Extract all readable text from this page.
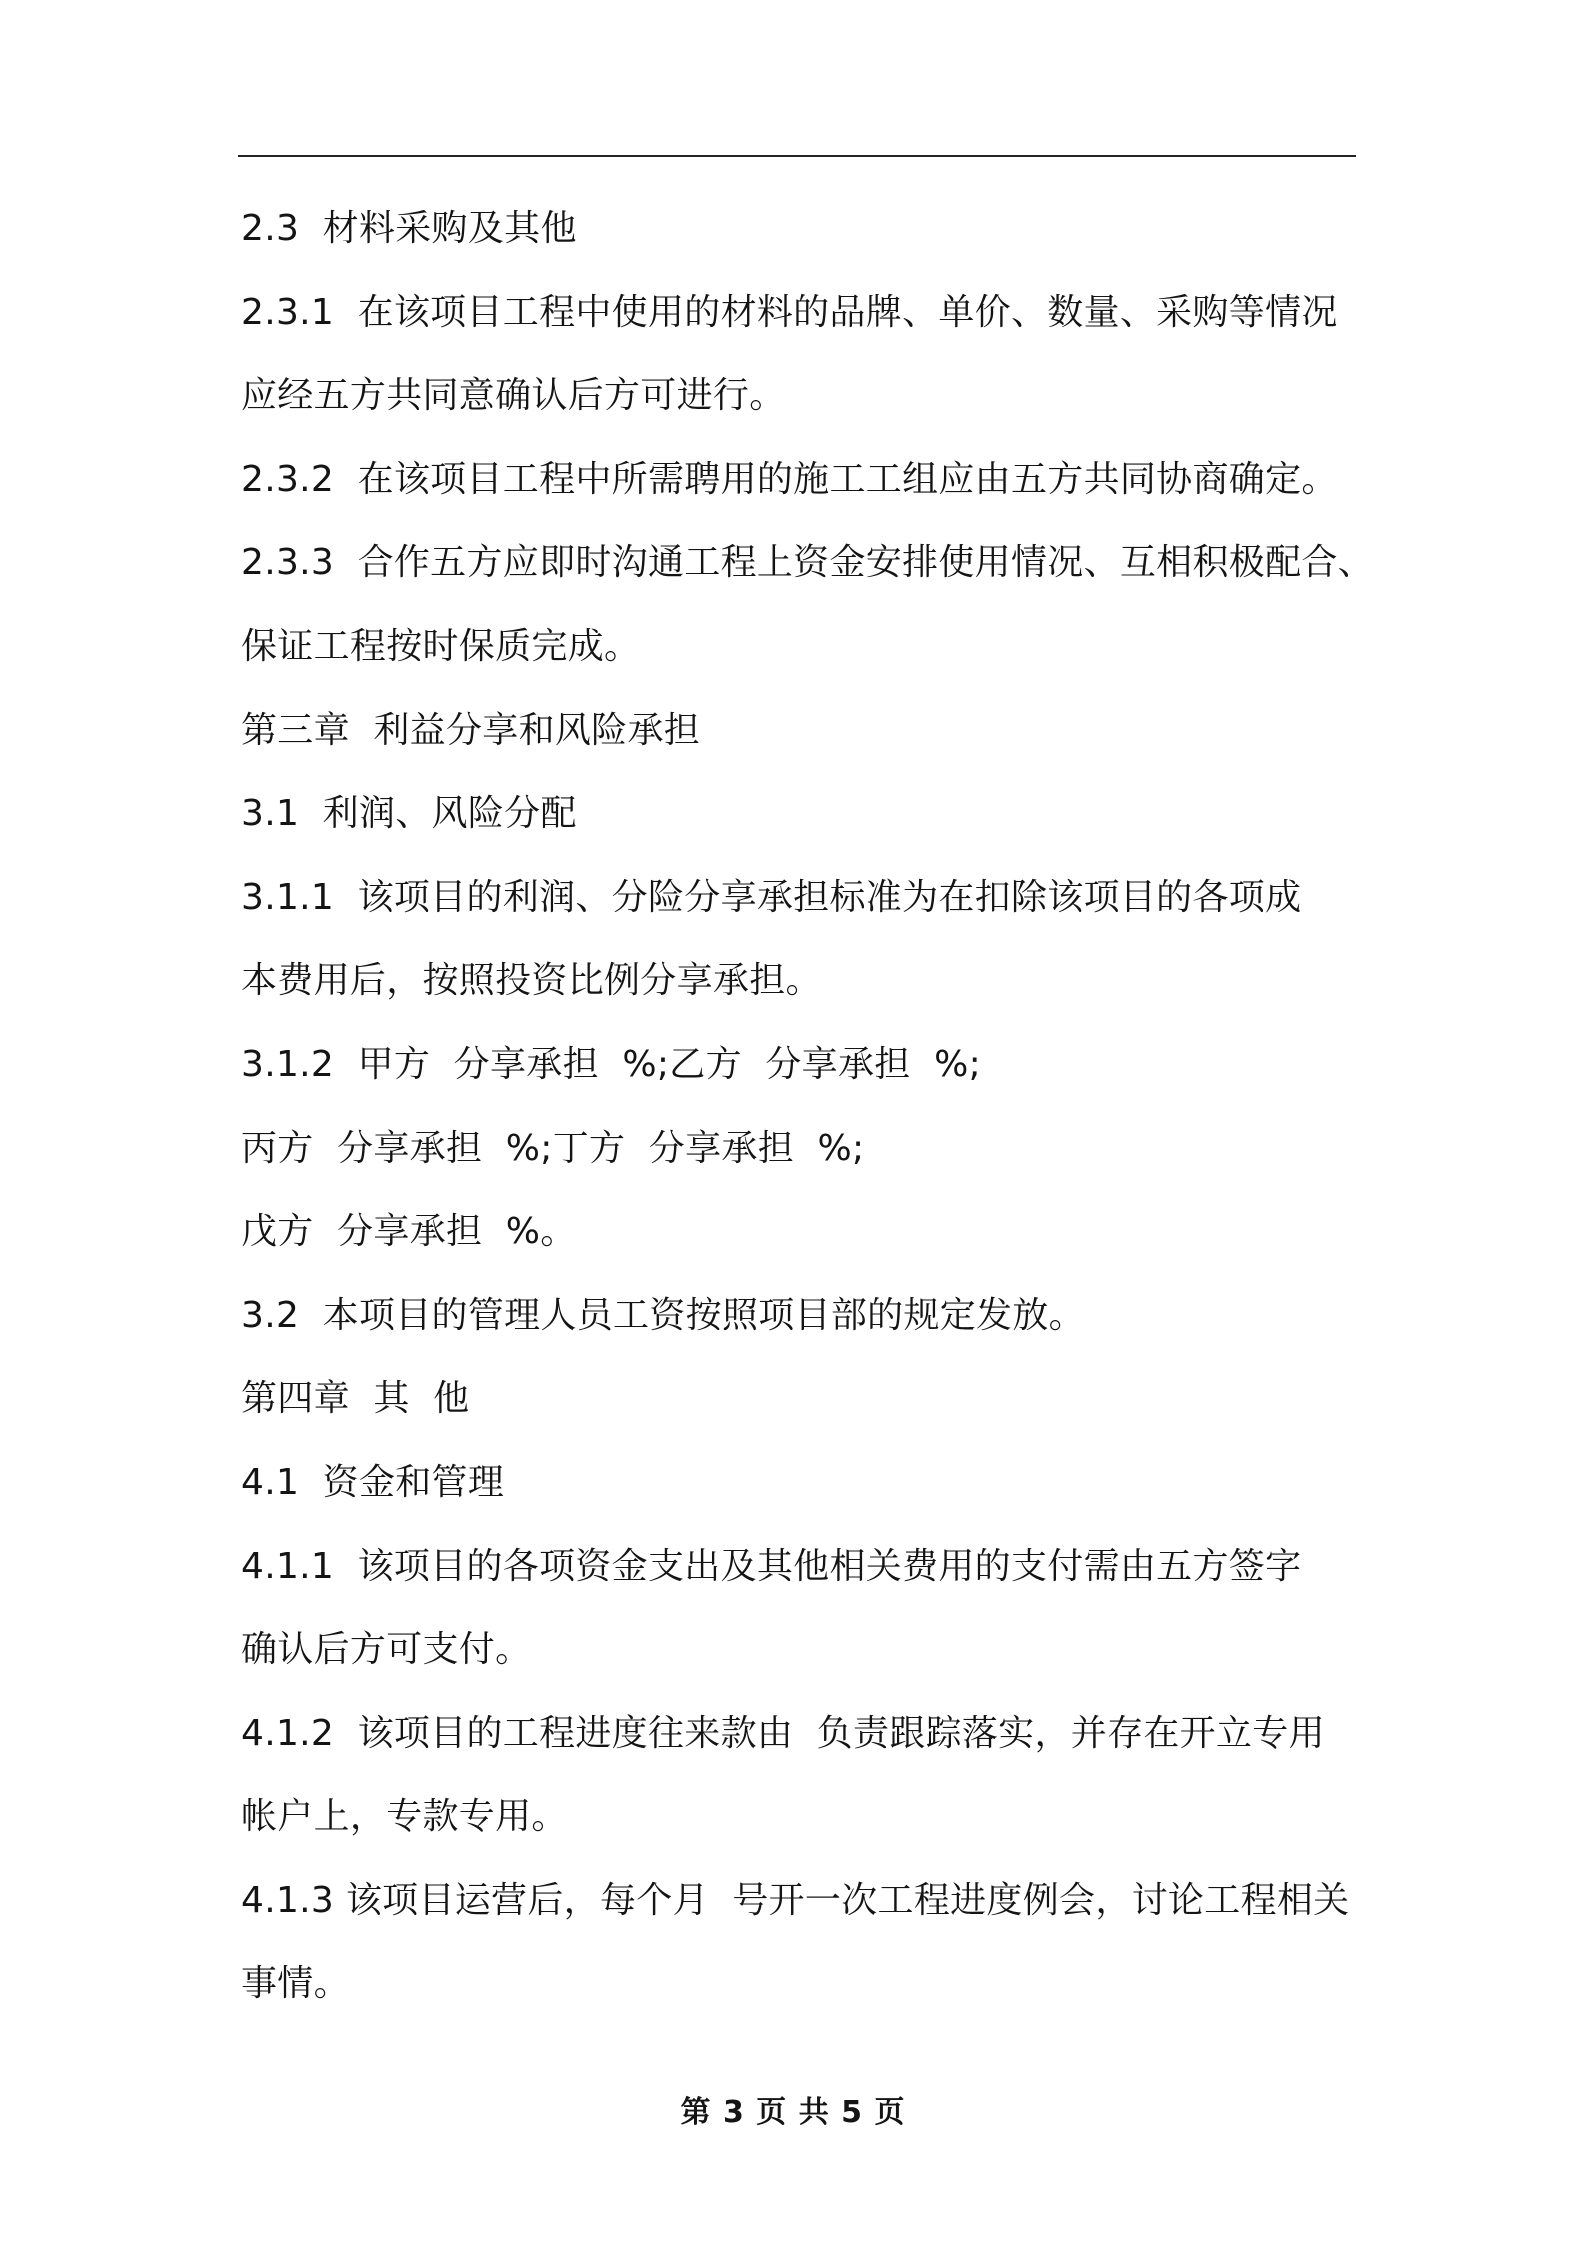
2.3  材料采购及其他
2.3.1  在该项目工程中使用的材料的品牌、单价、数量、采购等情况
应经五方共同意确认后方可进行。
2.3.2  在该项目工程中所需聘用的施工工组应由五方共同协商确定。
2.3.3  合作五方应即时沟通工程上资金安排使用情况、互相积极配合、
保证工程按时保质完成。
第三章  利益分享和风险承担
3.1  利润、风险分配
3.1.1  该项目的利润、分险分享承担标准为在扣除该项目的各项成
本费用后，按照投资比例分享承担。
3.1.2  甲方  分享承担  %;乙方  分享承担  %;
丙方  分享承担  %;丁方  分享承担  %;
戊方  分享承担  %。
3.2  本项目的管理人员工资按照项目部的规定发放。
第四章  其  他
4.1  资金和管理
4.1.1  该项目的各项资金支出及其他相关费用的支付需由五方签字
确认后方可支付。
4.1.2  该项目的工程进度往来款由  负责跟踪落实，并存在开立专用
帐户上，专款专用。
4.1.3 该项目运营后，每个月  号开一次工程进度例会，讨论工程相关
事情。
第 3 页 共 5 页
